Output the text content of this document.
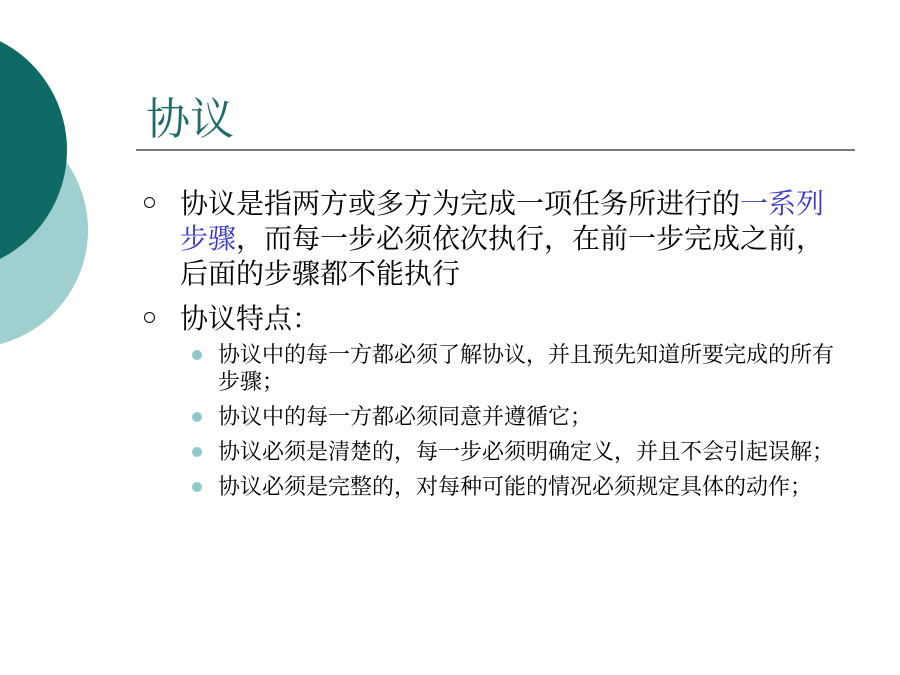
协议
协议是指两方或多方为完成一项任务所进行的一系列步骤，而每一步必须依次执行，在前一步完成之前，后面的步骤都不能执行
协议特点：
协议中的每一方都必须了解协议，并且预先知道所要完成的所有步骤；
协议中的每一方都必须同意并遵循它；
协议必须是清楚的，每一步必须明确定义，并且不会引起误解；
协议必须是完整的，对每种可能的情况必须规定具体的动作；
